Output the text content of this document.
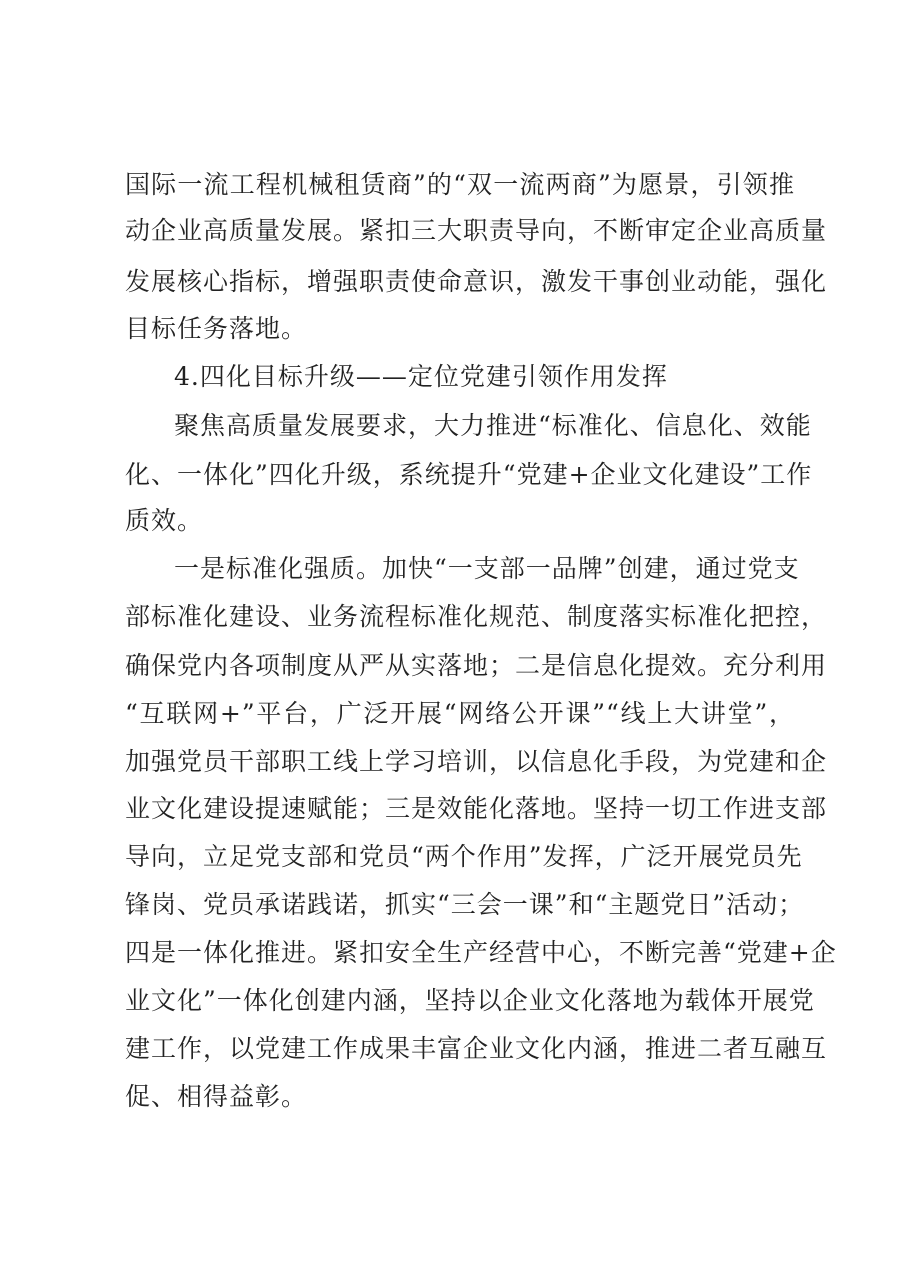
国际一流工程机械租赁商”的“双一流两商”为愿景，引领推
动企业高质量发展。紧扣三大职责导向，不断审定企业高质量
发展核心指标，增强职责使命意识，激发干事创业动能，强化
目标任务落地。
4.四化目标升级——定位党建引领作用发挥
聚焦高质量发展要求，大力推进“标准化、信息化、效能
化、一体化”四化升级，系统提升“党建+企业文化建设”工作
质效。
一是标准化强质。加快“一支部一品牌”创建，通过党支
部标准化建设、业务流程标准化规范、制度落实标准化把控，
确保党内各项制度从严从实落地；二是信息化提效。充分利用
“互联网+”平台，广泛开展“网络公开课”“线上大讲堂”，
加强党员干部职工线上学习培训，以信息化手段，为党建和企
业文化建设提速赋能；三是效能化落地。坚持一切工作进支部
导向，立足党支部和党员“两个作用”发挥，广泛开展党员先
锋岗、党员承诺践诺，抓实“三会一课”和“主题党日”活动；
四是一体化推进。紧扣安全生产经营中心，不断完善“党建+企
业文化”一体化创建内涵，坚持以企业文化落地为载体开展党
建工作，以党建工作成果丰富企业文化内涵，推进二者互融互
促、相得益彰。
